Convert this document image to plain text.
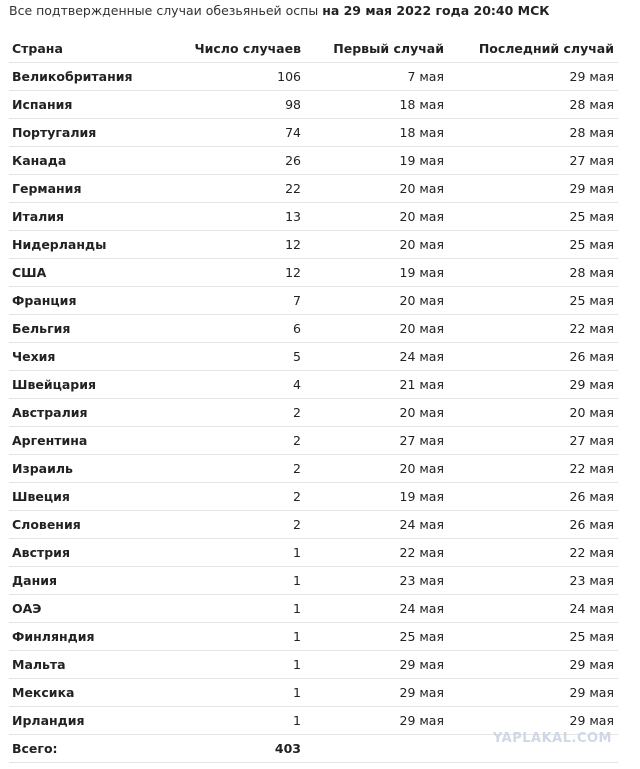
Все подтвержденные случаи обезьяньей оспы на 29 мая 2022 года 20:40 МСК
Страна	Число случаев	Первый случай	Последний случай
Великобритания	106	7 мая	29 мая
Испания	98	18 мая	28 мая
Португалия	74	18 мая	28 мая
Канада	26	19 мая	27 мая
Германия	22	20 мая	29 мая
Италия	13	20 мая	25 мая
Нидерланды	12	20 мая	25 мая
США	12	19 мая	28 мая
Франция	7	20 мая	25 мая
Бельгия	6	20 мая	22 мая
Чехия	5	24 мая	26 мая
Швейцария	4	21 мая	29 мая
Австралия	2	20 мая	20 мая
Аргентина	2	27 мая	27 мая
Израиль	2	20 мая	22 мая
Швеция	2	19 мая	26 мая
Словения	2	24 мая	26 мая
Австрия	1	22 мая	22 мая
Дания	1	23 мая	23 мая
ОАЭ	1	24 мая	24 мая
Финляндия	1	25 мая	25 мая
Мальта	1	29 мая	29 мая
Мексика	1	29 мая	29 мая
Ирландия	1	29 мая	29 мая
Всего:	403		
YAPLAKAL.COM
